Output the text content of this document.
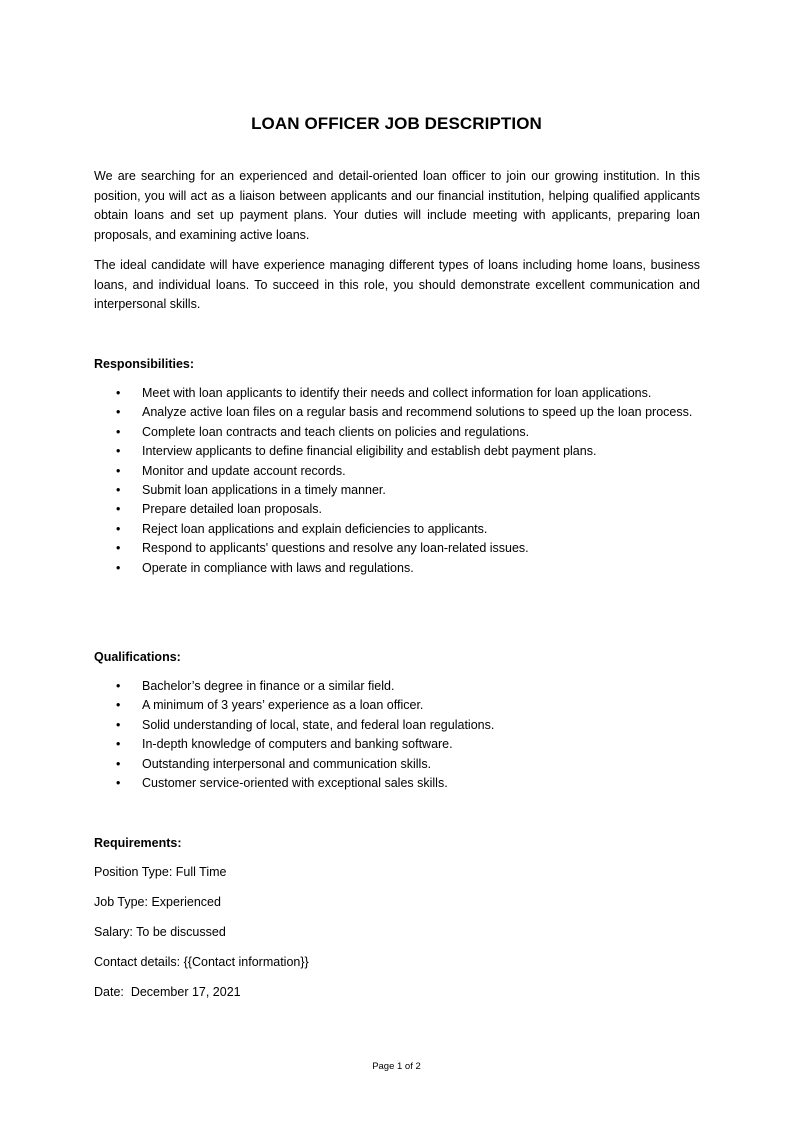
LOAN OFFICER JOB DESCRIPTION

We are searching for an experienced and detail-oriented loan officer to join our growing institution. In this position, you will act as a liaison between applicants and our financial institution, helping qualified applicants obtain loans and set up payment plans. Your duties will include meeting with applicants, preparing loan proposals, and examining active loans.

The ideal candidate will have experience managing different types of loans including home loans, business loans, and individual loans. To succeed in this role, you should demonstrate excellent communication and interpersonal skills.

Responsibilities:
• Meet with loan applicants to identify their needs and collect information for loan applications.
• Analyze active loan files on a regular basis and recommend solutions to speed up the loan process.
• Complete loan contracts and teach clients on policies and regulations.
• Interview applicants to define financial eligibility and establish debt payment plans.
• Monitor and update account records.
• Submit loan applications in a timely manner.
• Prepare detailed loan proposals.
• Reject loan applications and explain deficiencies to applicants.
• Respond to applicants' questions and resolve any loan-related issues.
• Operate in compliance with laws and regulations.
Qualifications:
• Bachelor’s degree in finance or a similar field.
• A minimum of 3 years’ experience as a loan officer.
• Solid understanding of local, state, and federal loan regulations.
• In-depth knowledge of computers and banking software.
• Outstanding interpersonal and communication skills.
• Customer service-oriented with exceptional sales skills.
Requirements:
Position Type: Full Time
Job Type: Experienced
Salary: To be discussed
Contact details: {{Contact information}}
Date:  December 17, 2021
Page 1 of 2
